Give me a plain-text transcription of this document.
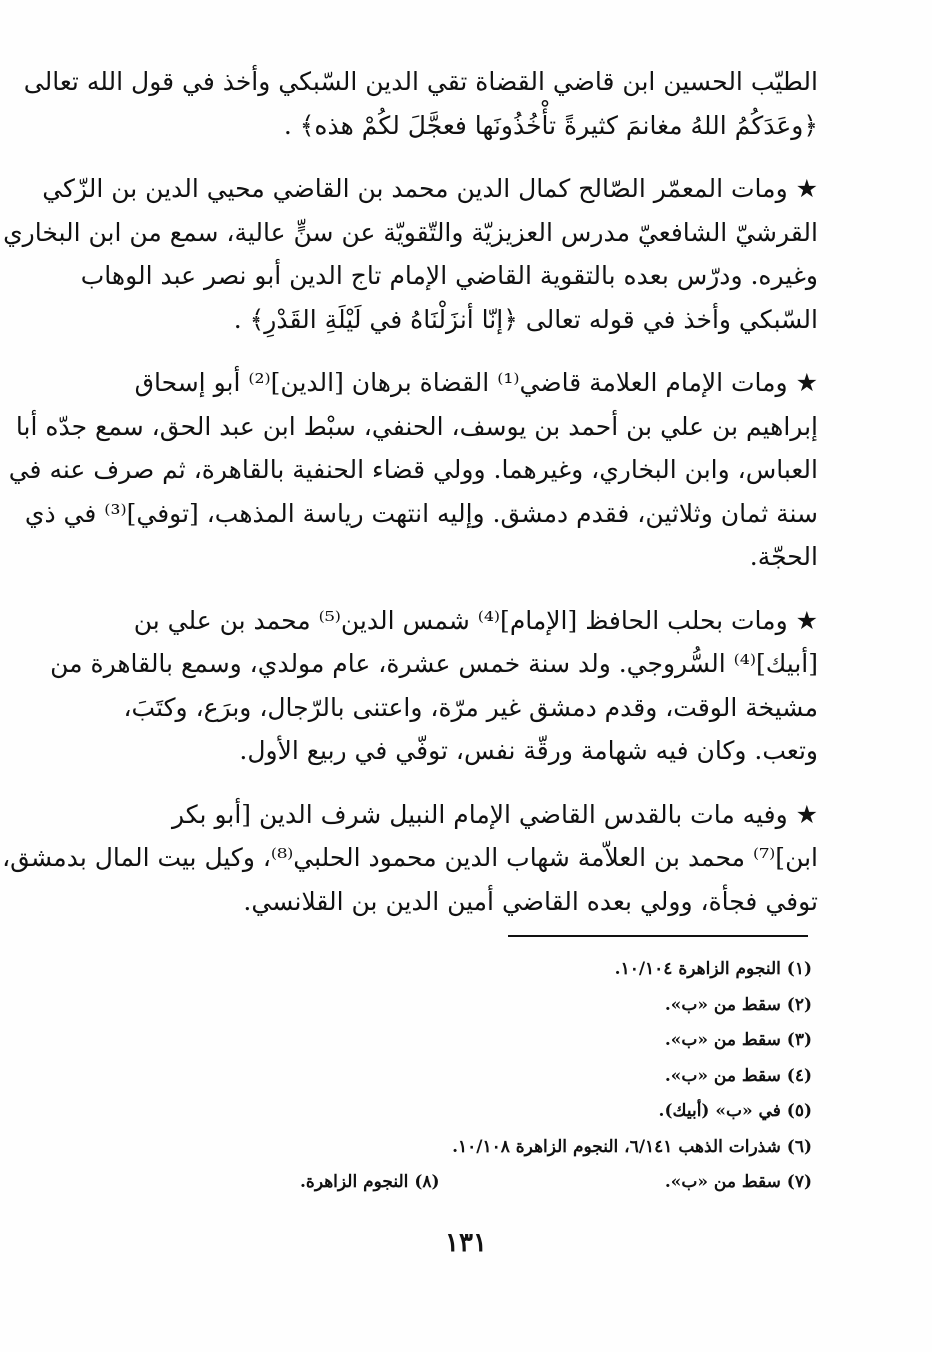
الطيّب الحسين ابن قاضي القضاة تقي الدين السّبكي وأخذ في قول الله تعالى
﴿وعَدَكُمُ اللهُ مغانمَ كثيرةً تأْخُذُونَها فعجَّلَ لكُمْ هذه﴾ .

★ ومات المعمّر الصّالح كمال الدين محمد بن القاضي محيي الدين بن الزّكي
القرشيّ الشافعيّ مدرس العزيزيّة والتّقويّة عن سنٍّ عالية، سمع من ابن البخاري
وغيره. ودرّس بعده بالتقوية القاضي الإمام تاج الدين أبو نصر عبد الوهاب
السّبكي وأخذ في قوله تعالى ﴿إنّا أنزَلْنَاهُ في لَيْلَةِ القَدْرِ﴾ .

★ ومات الإمام العلامة قاضي⁽¹⁾ القضاة برهان [الدين]⁽²⁾ أبو إسحاق
إبراهيم بن علي بن أحمد بن يوسف، الحنفي، سبْط ابن عبد الحق، سمع جدّه أبا
العباس، وابن البخاري، وغيرهما. وولي قضاء الحنفية بالقاهرة، ثم صرف عنه في
سنة ثمان وثلاثين، فقدم دمشق. وإليه انتهت رياسة المذهب، [توفي]⁽³⁾ في ذي
الحجّة.

★ ومات بحلب الحافظ [الإمام]⁽⁴⁾ شمس الدين⁽⁵⁾ محمد بن علي بن
[أبيك]⁽⁴⁾ السُّروجي. ولد سنة خمس عشرة، عام مولدي، وسمع بالقاهرة من
مشيخة الوقت، وقدم دمشق غير مرّة، واعتنى بالرّجال، وبرَع، وكتَبَ،
وتعب. وكان فيه شهامة ورقّة نفس، توفّي في ربيع الأول.

★ وفيه مات بالقدس القاضي الإمام النبيل شرف الدين [أبو بكر
ابن]⁽⁷⁾ محمد بن العلاّمة شهاب الدين محمود الحلبي⁽⁸⁾، وكيل بيت المال بدمشق،
توفي فجأة، وولي بعده القاضي أمين الدين بن القلانسي.

(١) النجوم الزاهرة ١٠/١٠٤.
(٢) سقط من «ب».
(٣) سقط من «ب».
(٤) سقط من «ب».
(٥) في «ب» (أبيك).
(٦) شذرات الذهب ٦/١٤١، النجوم الزاهرة ١٠/١٠٨.
(٧) سقط من «ب».
(٨) النجوم الزاهرة.
١٣١
